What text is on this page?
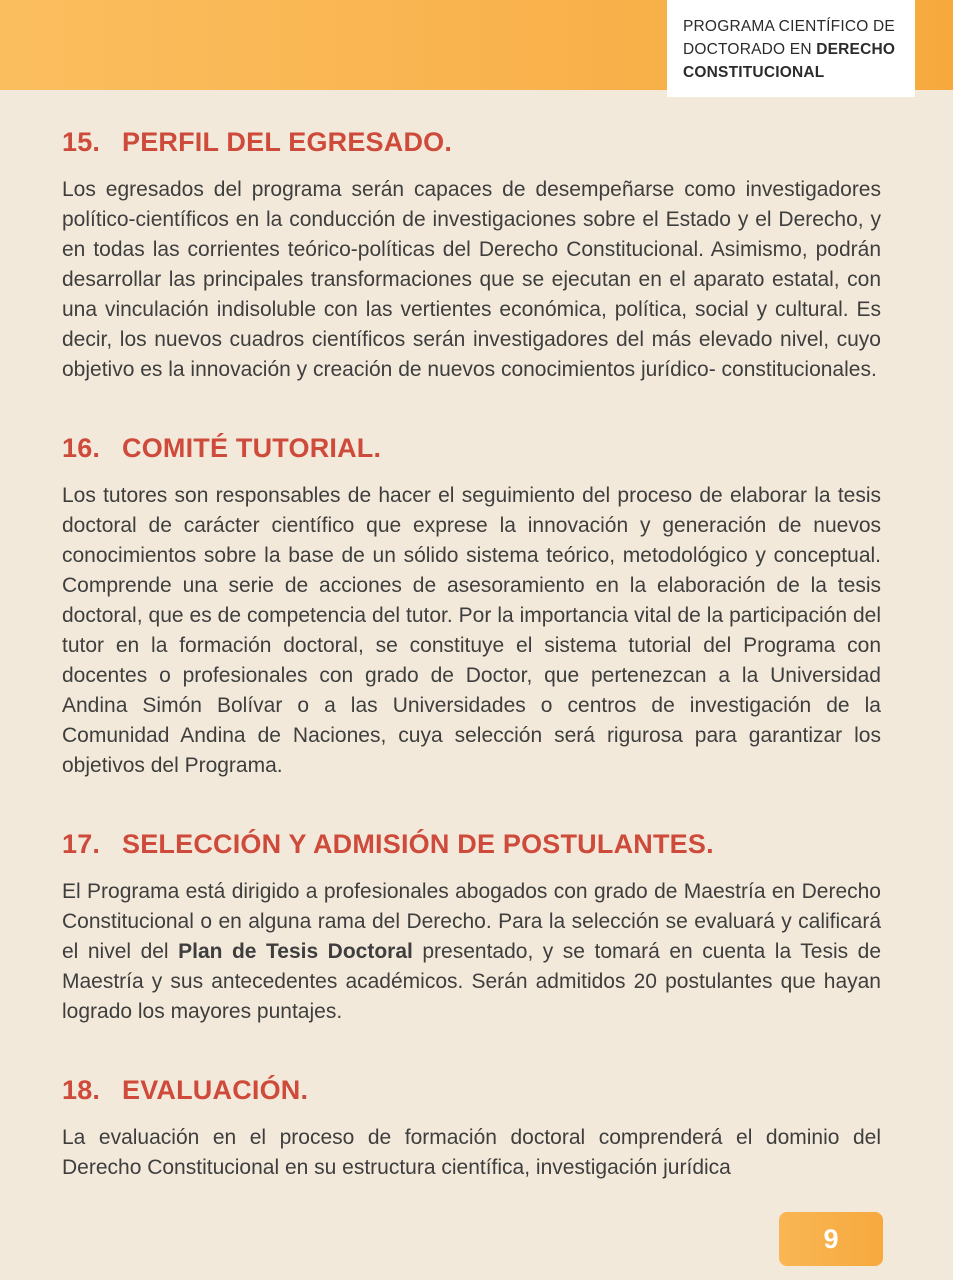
PROGRAMA CIENTÍFICO DE
DOCTORADO EN DERECHO
CONSTITUCIONAL
15. PERFIL DEL EGRESADO.

Los egresados del programa serán capaces de desempeñarse como investigadores político-científicos en la conducción de investigaciones sobre el Estado y el Derecho, y en todas las corrientes teórico-políticas del Derecho Constitucional. Asimismo, podrán desarrollar las principales transformaciones que se ejecutan en el aparato estatal, con una vinculación indisoluble con las vertientes económica, política, social y cultural. Es decir, los nuevos cuadros científicos serán investigadores del más elevado nivel, cuyo objetivo es la innovación y creación de nuevos conocimientos jurídico- constitucionales.

16. COMITÉ TUTORIAL.

Los tutores son responsables de hacer el seguimiento del proceso de elaborar la tesis doctoral de carácter científico que exprese la innovación y generación de nuevos conocimientos sobre la base de un sólido sistema teórico, metodológico y conceptual. Comprende una serie de acciones de asesoramiento en la elaboración de la tesis doctoral, que es de competencia del tutor. Por la importancia vital de la participación del tutor en la formación doctoral, se constituye el sistema tutorial del Programa con docentes o profesionales con grado de Doctor, que pertenezcan a la Universidad Andina Simón Bolívar o a las Universidades o centros de investigación de la Comunidad Andina de Naciones, cuya selección será rigurosa para garantizar los objetivos del Programa.

17. SELECCIÓN Y ADMISIÓN DE POSTULANTES.

El Programa está dirigido a profesionales abogados con grado de Maestría en Derecho Constitucional o en alguna rama del Derecho. Para la selección se evaluará y calificará el nivel del Plan de Tesis Doctoral presentado, y se tomará en cuenta la Tesis de Maestría y sus antecedentes académicos. Serán admitidos 20 postulantes que hayan logrado los mayores puntajes.

18. EVALUACIÓN.

La evaluación en el proceso de formación doctoral comprenderá el dominio del Derecho Constitucional en su estructura científica, investigación jurídica

9
